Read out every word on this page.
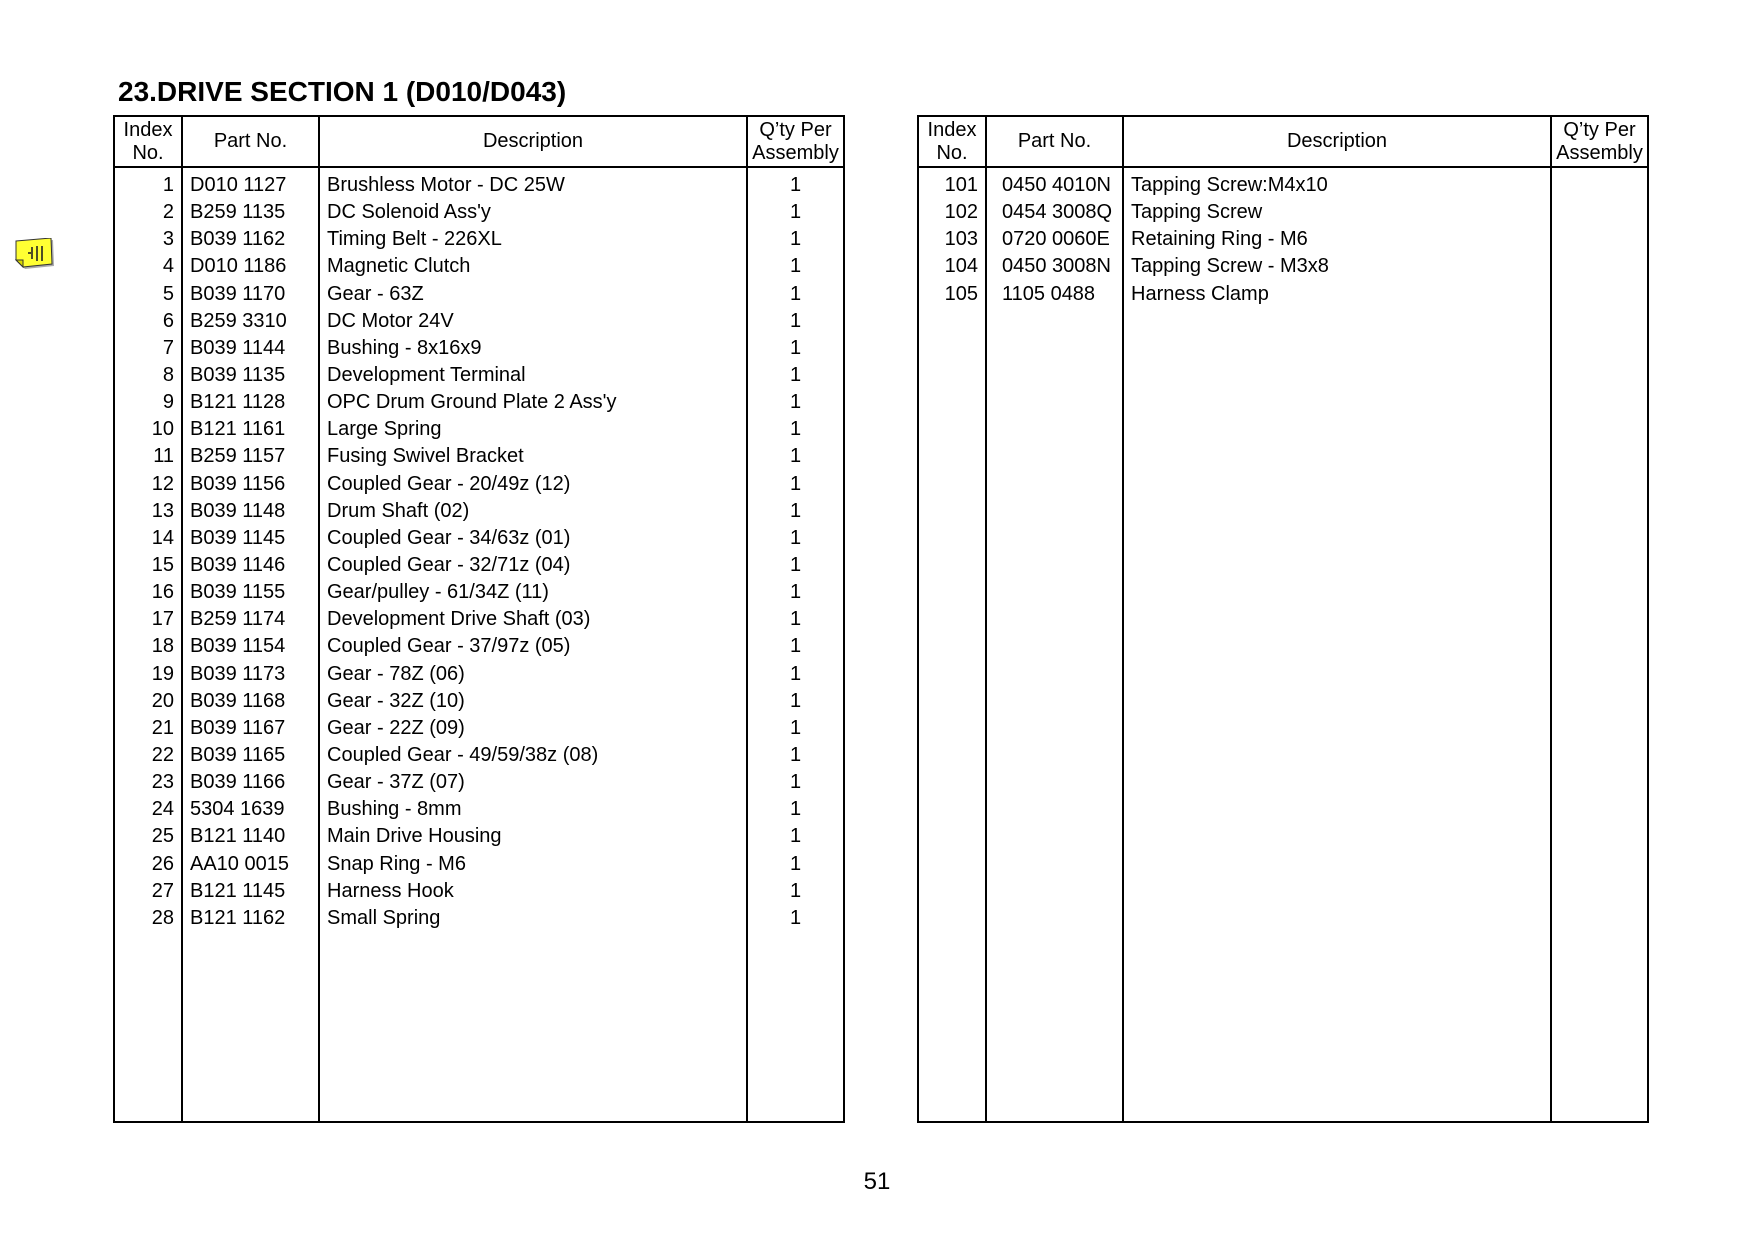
23.DRIVE SECTION 1 (D010/D043)
Index
No.	Part No.	Description	Q’ty Per
Assembly
1	D010 1127	Brushless Motor - DC 25W	1
2	B259 1135	DC Solenoid Ass'y	1
3	B039 1162	Timing Belt - 226XL	1
4	D010 1186	Magnetic Clutch	1
5	B039 1170	Gear - 63Z	1
6	B259 3310	DC Motor 24V	1
7	B039 1144	Bushing - 8x16x9	1
8	B039 1135	Development Terminal	1
9	B121 1128	OPC Drum Ground Plate 2 Ass'y	1
10	B121 1161	Large Spring	1
11	B259 1157	Fusing Swivel Bracket	1
12	B039 1156	Coupled Gear - 20/49z (12)	1
13	B039 1148	Drum Shaft (02)	1
14	B039 1145	Coupled Gear - 34/63z (01)	1
15	B039 1146	Coupled Gear - 32/71z (04)	1
16	B039 1155	Gear/pulley - 61/34Z (11)	1
17	B259 1174	Development Drive Shaft (03)	1
18	B039 1154	Coupled Gear - 37/97z (05)	1
19	B039 1173	Gear - 78Z (06)	1
20	B039 1168	Gear - 32Z (10)	1
21	B039 1167	Gear - 22Z (09)	1
22	B039 1165	Coupled Gear - 49/59/38z (08)	1
23	B039 1166	Gear - 37Z (07)	1
24	5304 1639	Bushing - 8mm	1
25	B121 1140	Main Drive Housing	1
26	AA10 0015	Snap Ring - M6	1
27	B121 1145	Harness Hook	1
28	B121 1162	Small Spring	1

Index
No.	Part No.	Description	Q’ty Per
Assembly
101	0450 4010N	Tapping Screw:M4x10	
102	0454 3008Q	Tapping Screw	
103	0720 0060E	Retaining Ring - M6	
104	0450 3008N	Tapping Screw - M3x8	
105	1105 0488	Harness Clamp	

51
